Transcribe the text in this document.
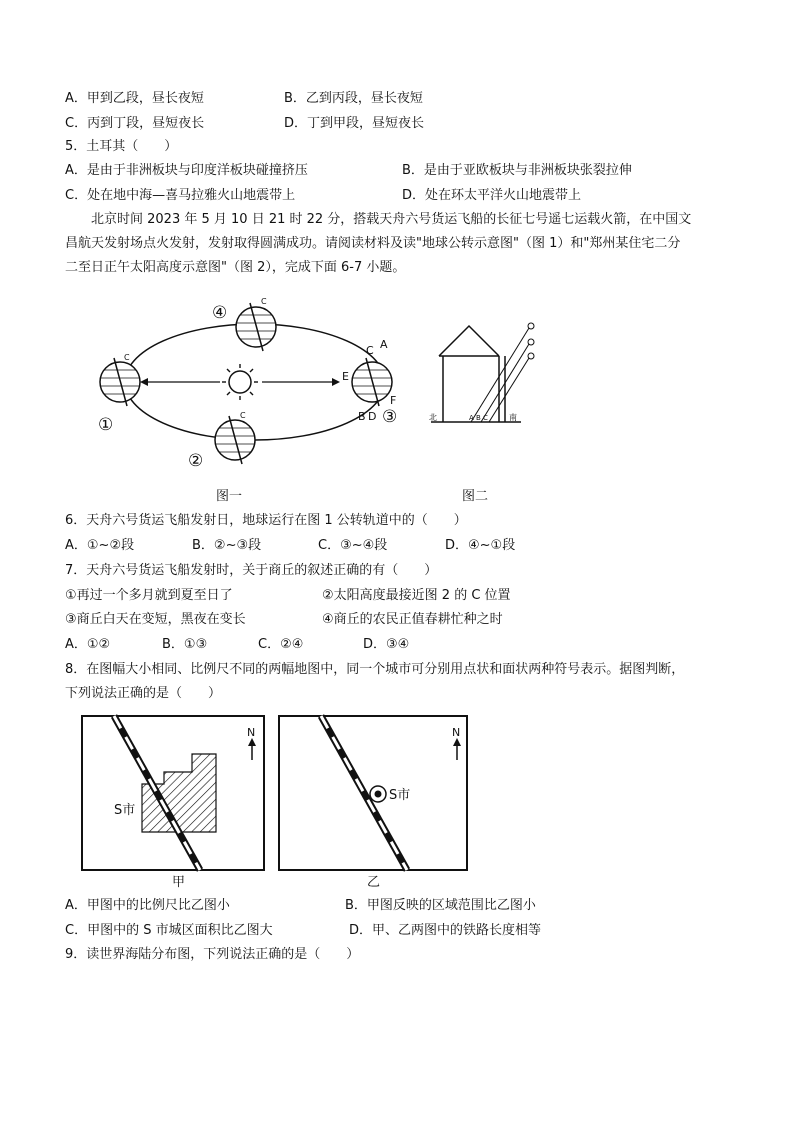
A．甲到乙段，昼长夜短	B．乙到丙段，昼长夜短
C．丙到丁段，昼短夜长	D．丁到甲段，昼短夜长
5．土耳其（　　）
A．是由于非洲板块与印度洋板块碰撞挤压	B．是由于亚欧板块与非洲板块张裂拉伸
C．处在地中海—喜马拉雅火山地震带上	D．处在环太平洋火山地震带上
北京时间 2023 年 5 月 10 日 21 时 22 分，搭载天舟六号货运飞船的长征七号遥七运载火箭，在中国文
昌航天发射场点火发射，发射取得圆满成功。请阅读材料及读"地球公转示意图"（图 1）和"郑州某住宅二分
二至日正午太阳高度示意图"（图 2），完成下面 6-7 小题。
C
C
C
①
②
③
④
A
B
C
D
E
F
图一
北	南
A B C
图二
6．天舟六号货运飞船发射日，地球运行在图 1 公转轨道中的（　　）
A．①~②段	B．②~③段	C．③~④段	D．④~①段
7．天舟六号货运飞船发射时，关于商丘的叙述正确的有（　　）
①再过一个多月就到夏至日了	②太阳高度最接近图 2 的 C 位置
③商丘白天在变短，黑夜在变长	④商丘的农民正值春耕忙种之时
A．①②	B．①③	C．②④	D．③④
8．在图幅大小相同、比例尺不同的两幅地图中，同一个城市可分别用点状和面状两种符号表示。据图判断，
下列说法正确的是（　　）
S市
N
甲
S市
N
乙
A．甲图中的比例尺比乙图小	B．甲图反映的区域范围比乙图小
C．甲图中的 S 市城区面积比乙图大	D．甲、乙两图中的铁路长度相等
9．读世界海陆分布图，下列说法正确的是（　　）
